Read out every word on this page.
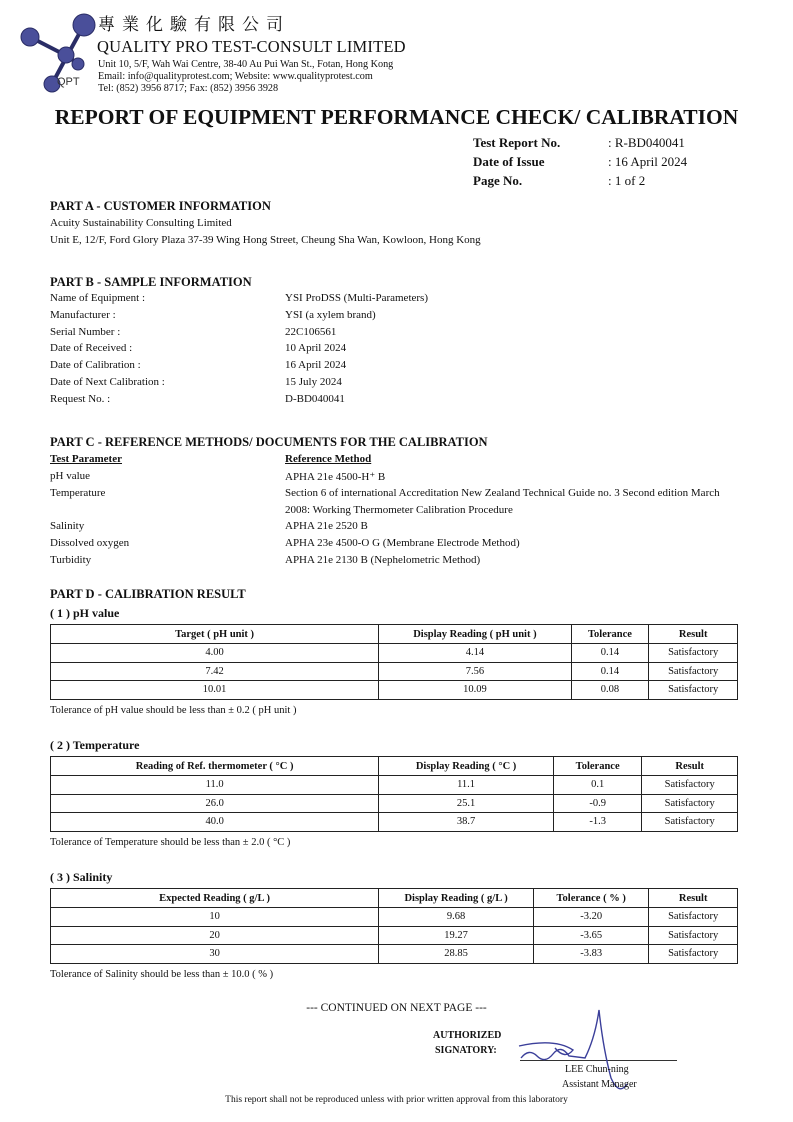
QPT
專業化驗有限公司
QUALITY PRO TEST-CONSULT LIMITED
Unit 10, 5/F, Wah Wai Centre, 38-40 Au Pui Wan St., Fotan, Hong Kong
Email: info@qualityprotest.com; Website: www.qualityprotest.com
Tel: (852) 3956 8717; Fax: (852) 3956 3928
REPORT OF EQUIPMENT PERFORMANCE CHECK/ CALIBRATION
Test Report No.	: R-BD040041
Date of Issue	: 16 April 2024
Page No.	: 1 of 2
PART A - CUSTOMER INFORMATION
Acuity Sustainability Consulting Limited
Unit E, 12/F, Ford Glory Plaza 37-39 Wing Hong Street, Cheung Sha Wan, Kowloon, Hong Kong
PART B - SAMPLE INFORMATION
Name of Equipment :	YSI ProDSS (Multi-Parameters)
Manufacturer :	YSI (a xylem brand)
Serial Number :	22C106561
Date of Received :	10 April 2024
Date of Calibration :	16 April 2024
Date of Next Calibration :	15 July 2024
Request No. :	D-BD040041
PART C - REFERENCE METHODS/ DOCUMENTS FOR THE CALIBRATION
Test Parameter	Reference Method
pH value	APHA 21e 4500-H⁺ B
Temperature	Section 6 of international Accreditation New Zealand Technical Guide no. 3 Second edition March
2008: Working Thermometer Calibration Procedure
Salinity	APHA 21e 2520 B
Dissolved oxygen	APHA 23e 4500-O G (Membrane Electrode Method)
Turbidity	APHA 21e 2130 B (Nephelometric Method)
PART D - CALIBRATION RESULT
( 1 ) pH value
Target ( pH unit )	Display Reading ( pH unit )	Tolerance	Result
4.00	4.14	0.14	Satisfactory
7.42	7.56	0.14	Satisfactory
10.01	10.09	0.08	Satisfactory
Tolerance of pH value should be less than ± 0.2 ( pH unit )
( 2 ) Temperature
Reading of Ref. thermometer ( °C )	Display Reading ( °C )	Tolerance	Result
11.0	11.1	0.1	Satisfactory
26.0	25.1	-0.9	Satisfactory
40.0	38.7	-1.3	Satisfactory
Tolerance of Temperature should be less than ± 2.0 ( °C )
( 3 ) Salinity
Expected Reading ( g/L )	Display Reading ( g/L )	Tolerance ( % )	Result
10	9.68	-3.20	Satisfactory
20	19.27	-3.65	Satisfactory
30	28.85	-3.83	Satisfactory
Tolerance of Salinity should be less than ± 10.0 ( % )
--- CONTINUED ON NEXT PAGE ---
AUTHORIZED
SIGNATORY:
LEE Chun-ning
Assistant Manager
This report shall not be reproduced unless with prior written approval from this laboratory
